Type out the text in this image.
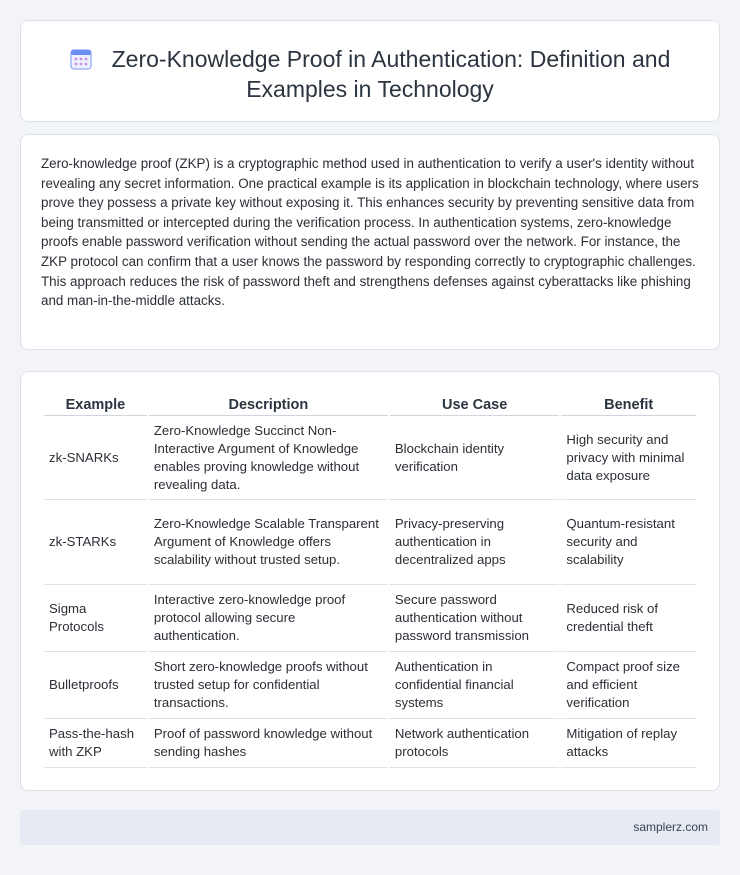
Zero-Knowledge Proof in Authentication: Definition and Examples in Technology

Zero-knowledge proof (ZKP) is a cryptographic method used in authentication to verify a user's identity without revealing any secret information. One practical example is its application in blockchain technology, where users prove they possess a private key without exposing it. This enhances security by preventing sensitive data from being transmitted or intercepted during the verification process. In authentication systems, zero-knowledge proofs enable password verification without sending the actual password over the network. For instance, the ZKP protocol can confirm that a user knows the password by responding correctly to cryptographic challenges. This approach reduces the risk of password theft and strengthens defenses against cyberattacks like phishing and man-in-the-middle attacks.

Example	Description	Use Case	Benefit
zk-SNARKs	Zero-Knowledge Succinct Non-Interactive Argument of Knowledge enables proving knowledge without revealing data.	Blockchain identity verification	High security and privacy with minimal data exposure
zk-STARKs	Zero-Knowledge Scalable Transparent Argument of Knowledge offers scalability without trusted setup.	Privacy-preserving authentication in decentralized apps	Quantum-resistant security and scalability
Sigma Protocols	Interactive zero-knowledge proof protocol allowing secure authentication.	Secure password authentication without password transmission	Reduced risk of credential theft
Bulletproofs	Short zero-knowledge proofs without trusted setup for confidential transactions.	Authentication in confidential financial systems	Compact proof size and efficient verification
Pass-the-hash with ZKP	Proof of password knowledge without sending hashes	Network authentication protocols	Mitigation of replay attacks
samplerz.com
